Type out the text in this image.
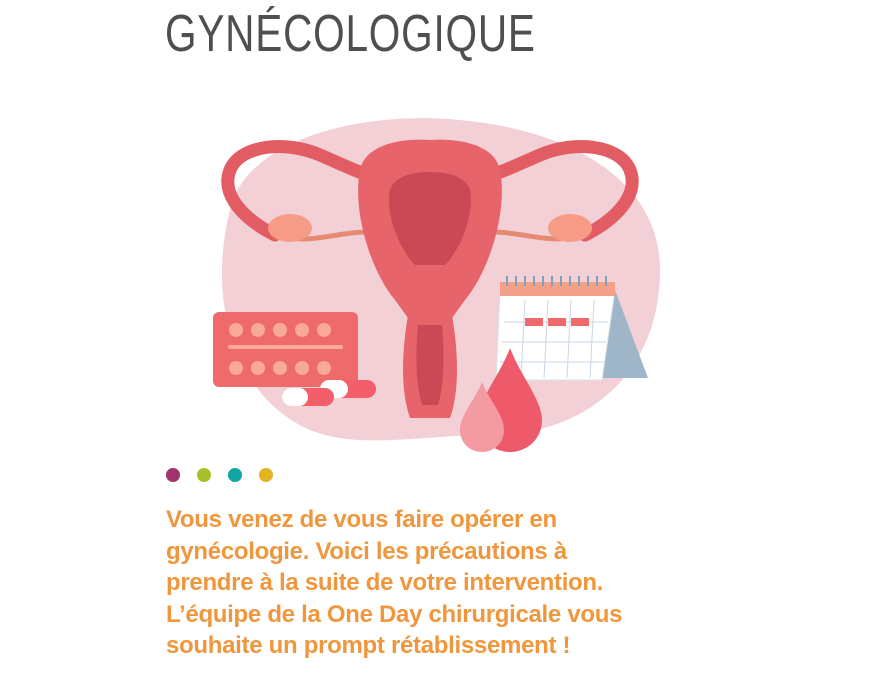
GYNÉCOLOGIQUE
Vous venez de vous faire opérer en
gynécologie. Voici les précautions à
prendre à la suite de votre intervention.
L’équipe de la One Day chirurgicale vous
souhaite un prompt rétablissement !
